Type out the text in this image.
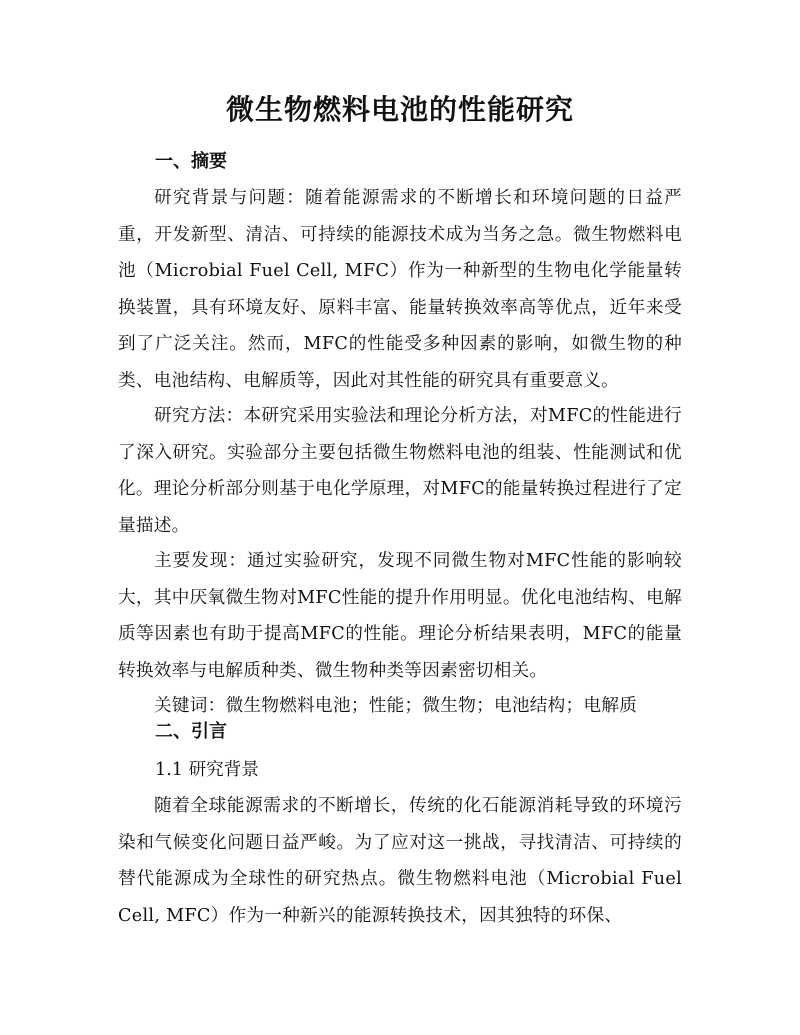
微生物燃料电池的性能研究
一、摘要

研究背景与问题：随着能源需求的不断增长和环境问题的日益严重，开发新型、清洁、可持续的能源技术成为当务之急。微生物燃料电池（Microbial Fuel Cell, MFC）作为一种新型的生物电化学能量转换装置，具有环境友好、原料丰富、能量转换效率高等优点，近年来受到了广泛关注。然而，MFC的性能受多种因素的影响，如微生物的种类、电池结构、电解质等，因此对其性能的研究具有重要意义。

研究方法：本研究采用实验法和理论分析方法，对MFC的性能进行了深入研究。实验部分主要包括微生物燃料电池的组装、性能测试和优化。理论分析部分则基于电化学原理，对MFC的能量转换过程进行了定量描述。

主要发现：通过实验研究，发现不同微生物对MFC性能的影响较大，其中厌氧微生物对MFC性能的提升作用明显。优化电池结构、电解质等因素也有助于提高MFC的性能。理论分析结果表明，MFC的能量转换效率与电解质种类、微生物种类等因素密切相关。

关键词：微生物燃料电池；性能；微生物；电池结构；电解质

二、引言
1.1 研究背景

随着全球能源需求的不断增长，传统的化石能源消耗导致的环境污染和气候变化问题日益严峻。为了应对这一挑战，寻找清洁、可持续的替代能源成为全球性的研究热点。微生物燃料电池（Microbial Fuel Cell, MFC）作为一种新兴的能源转换技术，因其独特的环保、
